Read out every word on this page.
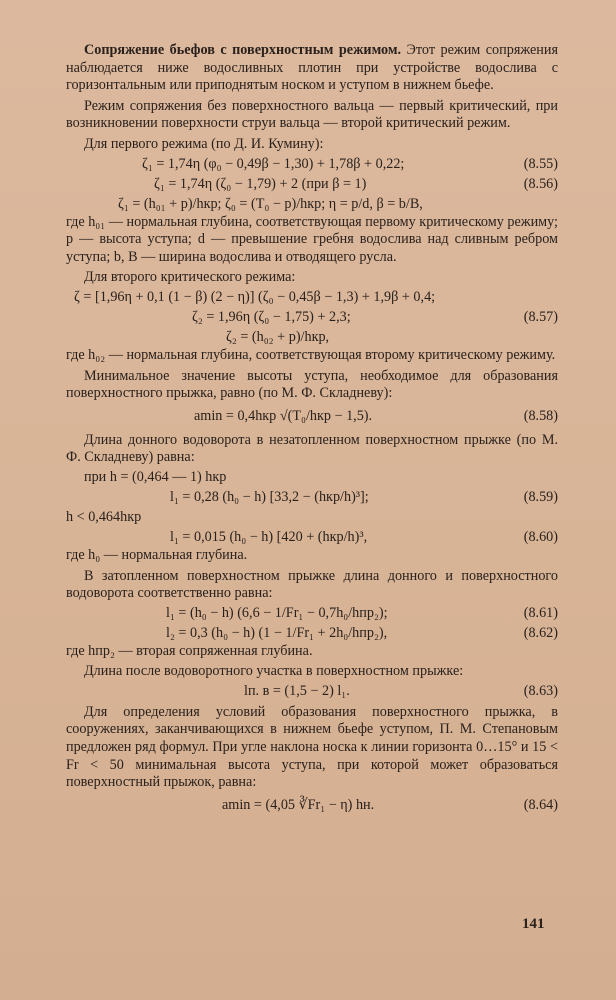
Сопряжение бьефов с поверхностным режимом. Этот режим сопряжения наблюдается ниже водосливных плотин при устройстве водослива с горизонтальным или приподнятым носком и уступом в нижнем бьефе.

Режим сопряжения без поверхностного вальца — первый критический, при возникновении поверхности струи вальца — второй критический режим.

Для первого режима (по Д. И. Кумину):

ζ₁ = 1,74η (φ₀ − 0,49β − 1,30) + 1,78β + 0,22;	(8.55)
ζ₁ = 1,74η (ζ₀ − 1,79) + 2 (при β = 1)	(8.56)
ζ₁ = (h₀₁ + p)/hкр; ζ₀ = (T₀ − p)/hкр; η = p/d, β = b/B,

где h₀₁ — нормальная глубина, соответствующая первому критическому режиму; p — высота уступа; d — превышение гребня водослива над сливным ребром уступа; b, B — ширина водослива и отводящего русла.

Для второго критического режима:

ζ = [1,96η + 0,1 (1 − β) (2 − η)] (ζ₀ − 0,45β − 1,3) + 1,9β + 0,4;
ζ₂ = 1,96η (ζ₀ − 1,75) + 2,3;	(8.57)
ζ₂ = (h₀₂ + p)/hкр,

где h₀₂ — нормальная глубина, соответствующая второму критическому режиму.

Минимальное значение высоты уступа, необходимое для образования поверхностного прыжка, равно (по М. Ф. Складневу):

amin = 0,4hкр √(T₀/hкр − 1,5).	(8.58)

Длина донного водоворота в незатопленном поверхностном прыжке (по М. Ф. Складневу) равна:

при h = (0,464 — 1) hкр
l₁ = 0,28 (h₀ − h) [33,2 − (hкр/h)³];	(8.59)
h < 0,464hкр
l₁ = 0,015 (h₀ − h) [420 + (hкр/h)³,	(8.60)

где h₀ — нормальная глубина.

В затопленном поверхностном прыжке длина донного и поверхностного водоворота соответственно равна:

l₁ = (h₀ − h) (6,6 − 1/Fr₁ − 0,7h₀/hпр₂);	(8.61)
l₂ = 0,3 (h₀ − h) (1 − 1/Fr₁ + 2h₀/hпр₂),	(8.62)

где hпр₂ — вторая сопряженная глубина.

Длина после водоворотного участка в поверхностном прыжке:

lп. в = (1,5 − 2) l₁.	(8.63)

Для определения условий образования поверхностного прыжка, в сооружениях, заканчивающихся в нижнем бьефе уступом, П. М. Степановым предложен ряд формул. При угле наклона носка к линии горизонта 0…15° и 15 < Fr < 50 минимальная высота уступа, при которой может образоваться поверхностный прыжок, равна:

amin = (4,05 ∛Fr₁ − η) hн.	(8.64)
141
